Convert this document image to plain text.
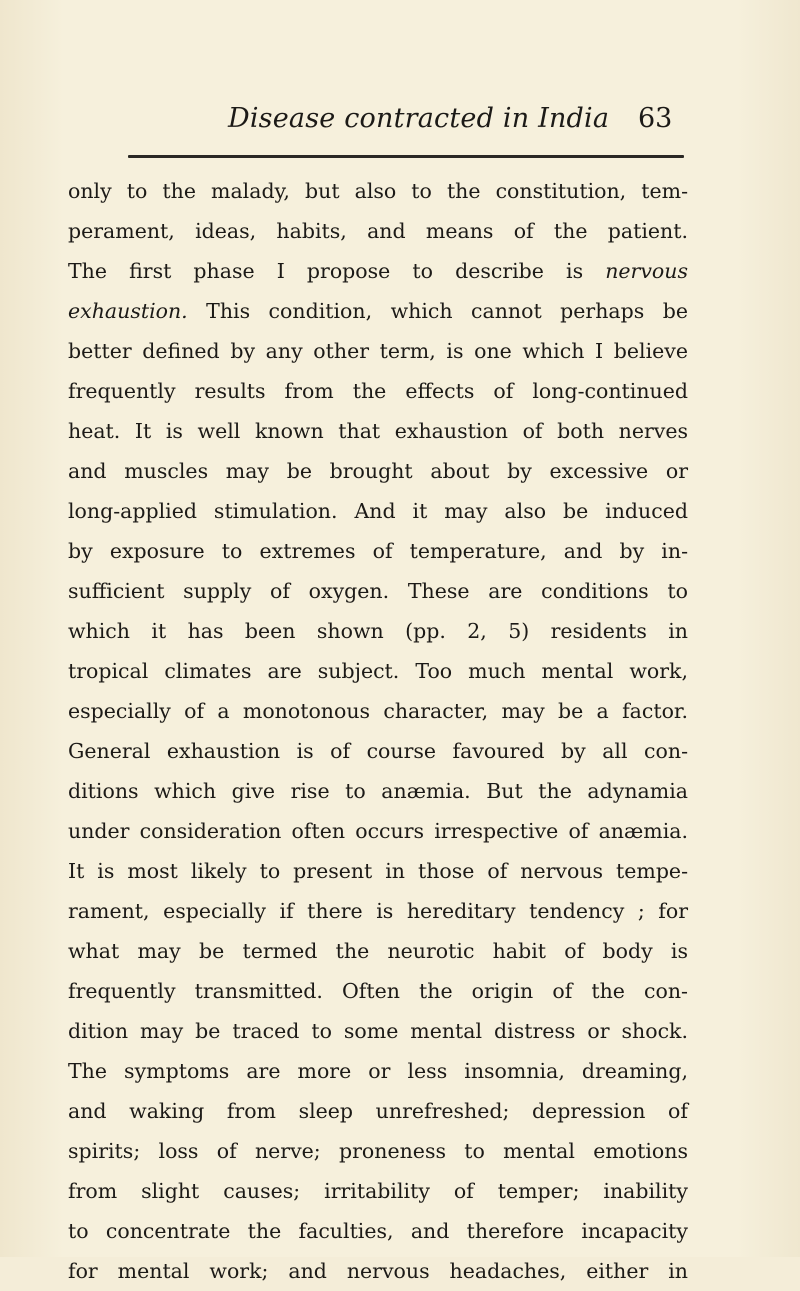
Disease contracted in India 63
only to the malady, but also to the constitution, tem-
perament, ideas, habits, and means of the patient.
The first phase I propose to describe is nervous
exhaustion. This condition, which cannot perhaps be
better defined by any other term, is one which I believe
frequently results from the effects of long-continued
heat. It is well known that exhaustion of both nerves
and muscles may be brought about by excessive or
long-applied stimulation. And it may also be induced
by exposure to extremes of temperature, and by in-
sufficient supply of oxygen. These are conditions to
which it has been shown (pp. 2, 5) residents in
tropical climates are subject. Too much mental work,
especially of a monotonous character, may be a factor.
General exhaustion is of course favoured by all con-
ditions which give rise to anæmia. But the adynamia
under consideration often occurs irrespective of anæmia.
It is most likely to present in those of nervous tempe-
rament, especially if there is hereditary tendency ; for
what may be termed the neurotic habit of body is
frequently transmitted. Often the origin of the con-
dition may be traced to some mental distress or shock.
The symptoms are more or less insomnia, dreaming,
and waking from sleep unrefreshed; depression of
spirits; loss of nerve; proneness to mental emotions
from slight causes; irritability of temper; inability
to concentrate the faculties, and therefore incapacity
for mental work; and nervous headaches, either in
